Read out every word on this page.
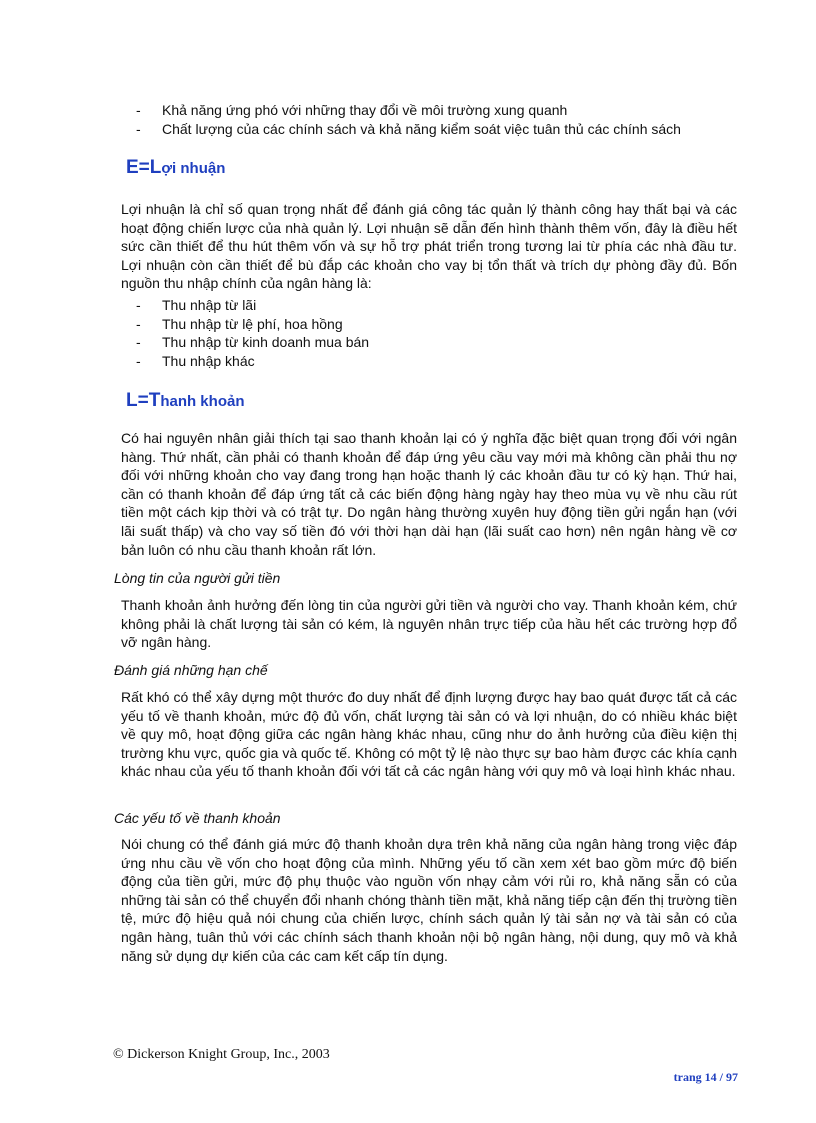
- Khả năng ứng phó với những thay đổi về môi trường xung quanh
- Chất lượng của các chính sách và khả năng kiểm soát việc tuân thủ các chính sách
E=Lợi nhuận

Lợi nhuận là chỉ số quan trọng nhất để đánh giá công tác quản lý thành công hay thất bại và các hoạt động chiến lược của nhà quản lý. Lợi nhuận sẽ dẫn đến hình thành thêm vốn, đây là điều hết sức cần thiết để thu hút thêm vốn và sự hỗ trợ phát triển trong tương lai từ phía các nhà đầu tư. Lợi nhuận còn cần thiết để bù đắp các khoản cho vay bị tổn thất và trích dự phòng đầy đủ. Bốn nguồn thu nhập chính của ngân hàng là:

- Thu nhập từ lãi
- Thu nhập từ lệ phí, hoa hồng
- Thu nhập từ kinh doanh mua bán
- Thu nhập khác
L=Thanh khoản

Có hai nguyên nhân giải thích tại sao thanh khoản lại có ý nghĩa đặc biệt quan trọng đối với ngân hàng. Thứ nhất, cần phải có thanh khoản để đáp ứng yêu cầu vay mới mà không cần phải thu nợ đối với những khoản cho vay đang trong hạn hoặc thanh lý các khoản đầu tư có kỳ hạn. Thứ hai, cần có thanh khoản để đáp ứng tất cả các biến động hàng ngày hay theo mùa vụ về nhu cầu rút tiền một cách kịp thời và có trật tự. Do ngân hàng thường xuyên huy động tiền gửi ngắn hạn (với lãi suất thấp) và cho vay số tiền đó với thời hạn dài hạn (lãi suất cao hơn) nên ngân hàng về cơ bản luôn có nhu cầu thanh khoản rất lớn.

Lòng tin của người gửi tiền

Thanh khoản ảnh hưởng đến lòng tin của người gửi tiền và người cho vay. Thanh khoản kém, chứ không phải là chất lượng tài sản có kém, là nguyên nhân trực tiếp của hầu hết các trường hợp đổ vỡ ngân hàng.

Đánh giá những hạn chế

Rất khó có thể xây dựng một thước đo duy nhất để định lượng được hay bao quát được tất cả các yếu tố về thanh khoản, mức độ đủ vốn, chất lượng tài sản có và lợi nhuận, do có nhiều khác biệt về quy mô, hoạt động giữa các ngân hàng khác nhau, cũng như do ảnh hưởng của điều kiện thị trường khu vực, quốc gia và quốc tế. Không có một tỷ lệ nào thực sự bao hàm được các khía cạnh khác nhau của yếu tố thanh khoản đối với tất cả các ngân hàng với quy mô và loại hình khác nhau.

Các yếu tố về thanh khoản

Nói chung có thể đánh giá mức độ thanh khoản dựa trên khả năng của ngân hàng trong việc đáp ứng nhu cầu về vốn cho hoạt động của mình. Những yếu tố cần xem xét bao gồm mức độ biến động của tiền gửi, mức độ phụ thuộc vào nguồn vốn nhạy cảm với rủi ro, khả năng sẵn có của những tài sản có thể chuyển đổi nhanh chóng thành tiền mặt, khả năng tiếp cận đến thị trường tiền tệ, mức độ hiệu quả nói chung của chiến lược, chính sách quản lý tài sản nợ và tài sản có của ngân hàng, tuân thủ với các chính sách thanh khoản nội bộ ngân hàng, nội dung, quy mô và khả năng sử dụng dự kiến của các cam kết cấp tín dụng.

© Dickerson Knight Group, Inc., 2003
trang 14 / 97
